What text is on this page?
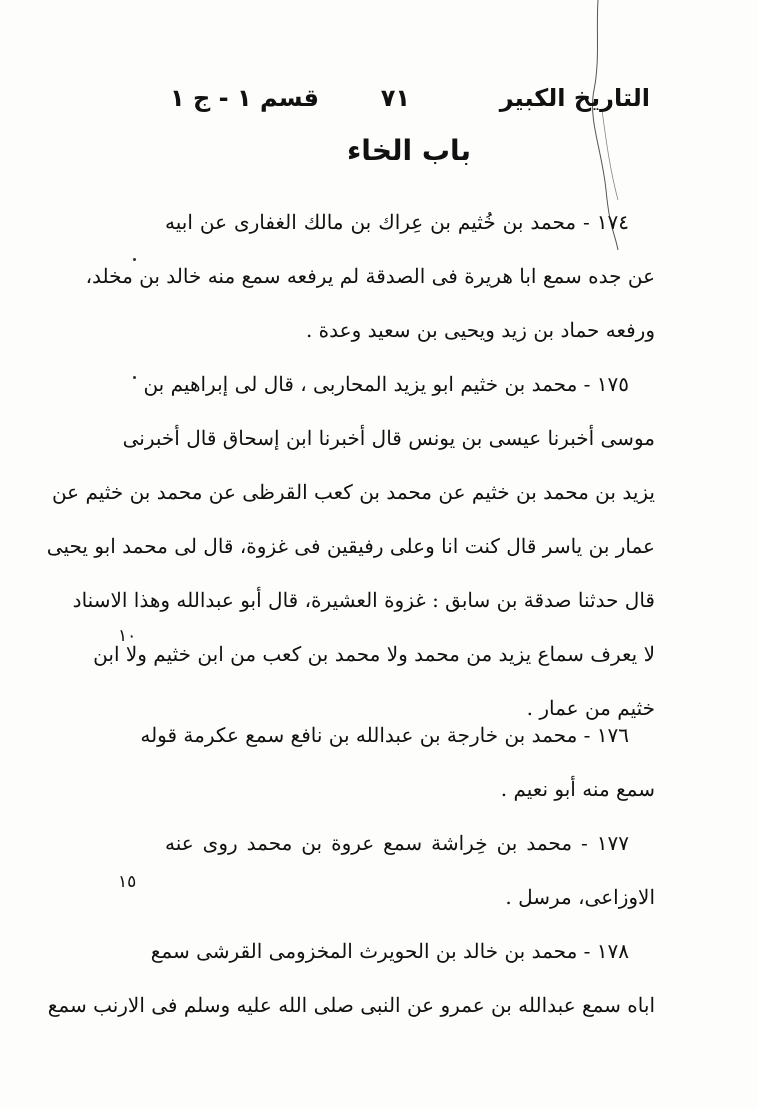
التاريخ الكبير
٧١
قسم ١ - ج ١
باب الخاء
١٧٤ - محمد بن خُثيم بن عِراك بن مالك الغفارى عن ابيه
عن جده سمع ابا هريرة فى الصدقة لم يرفعه سمع منه خالد بن مخلد،
ورفعه حماد بن زيد ويحيى بن سعيد وعدة .
١٧٥ - محمد بن خثيم ابو يزيد المحاربى ، قال لى إبراهيم بن
موسى أخبرنا عيسى بن يونس قال أخبرنا ابن إسحاق قال أخبرنى
يزيد بن محمد بن خثيم عن محمد بن كعب القرظى عن محمد بن خثيم عن
عمار بن ياسر قال كنت انا وعلى رفيقين فى غزوة، قال لى محمد ابو يحيى
قال حدثنا صدقة بن سابق : غزوة العشيرة، قال أبو عبدالله وهذا الاسناد
لا يعرف سماع يزيد من محمد ولا محمد بن كعب من ابن خثيم ولا ابن
خثيم من عمار .
١٧٦ - محمد بن خارجة بن عبدالله بن نافع سمع عكرمة قوله
سمع منه أبو نعيم .
١٧٧ - محمد بن خِراشة سمع عروة بن محمد روى عنه
الاوزاعى، مرسل .
١٧٨ - محمد بن خالد بن الحويرث المخزومى القرشى سمع
اباه سمع عبدالله بن عمرو عن النبى صلى الله عليه وسلم فى الارنب سمع
١٠
١٥
